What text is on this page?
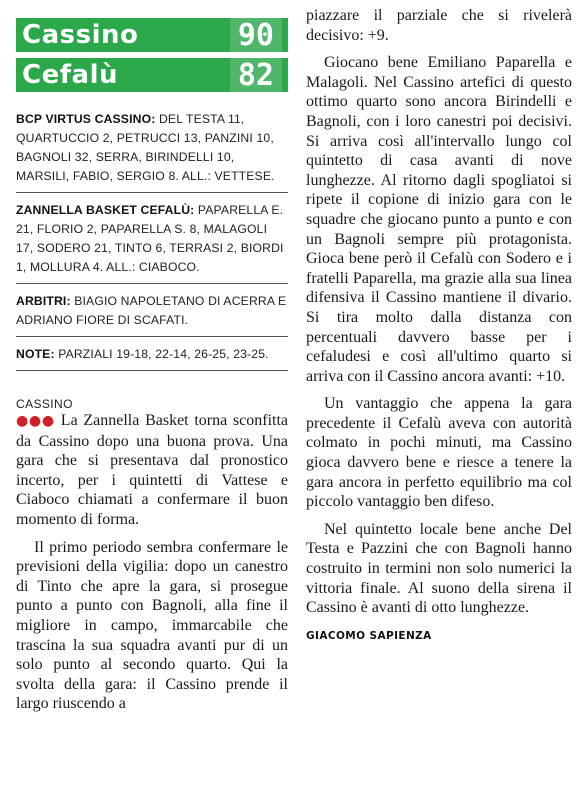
Cassino	90
Cefalù	82
BCP VIRTUS CASSINO: DEL TESTA 11, QUARTUCCIO 2, PETRUCCI 13, PANZINI 10, BAGNOLI 32, SERRA, BIRINDELLI 10, MARSILI, FABIO, SERGIO 8. ALL.: VETTESE.
ZANNELLA BASKET CEFALÙ: PAPARELLA E. 21, FLORIO 2, PAPARELLA S. 8, MALAGOLI 17, SODERO 21, TINTO 6, TERRASI 2, BIORDI 1, MOLLURA 4. ALL.: CIABOCO.
ARBITRI: BIAGIO NAPOLETANO DI ACERRA E ADRIANO FIORE DI SCAFATI.
NOTE: PARZIALI 19-18, 22-14, 26-25, 23-25.
CASSINO

●●● La Zannella Basket torna sconfitta da Cassino dopo una buona prova. Una gara che si presentava dal pronostico incerto, per i quintetti di Vattese e Ciaboco chiamati a confermare il buon momento di forma.

Il primo periodo sembra confermare le previsioni della vigilia: dopo un canestro di Tinto che apre la gara, si prosegue punto a punto con Bagnoli, alla fine il migliore in campo, immarcabile che trascina la sua squadra avanti pur di un solo punto al secondo quarto. Qui la svolta della gara: il Cassino prende il largo riuscendo a

piazzare il parziale che si rivelerà decisivo: +9.

Giocano bene Emiliano Paparella e Malagoli. Nel Cassino artefici di questo ottimo quarto sono ancora Birindelli e Bagnoli, con i loro canestri poi decisivi. Si arriva così all'intervallo lungo col quintetto di casa avanti di nove lunghezze. Al ritorno dagli spogliatoi si ripete il copione di inizio gara con le squadre che giocano punto a punto e con un Bagnoli sempre più protagonista. Gioca bene però il Cefalù con Sodero e i fratelli Paparella, ma grazie alla sua linea difensiva il Cassino mantiene il divario. Si tira molto dalla distanza con percentuali davvero basse per i cefaludesi e così all'ultimo quarto si arriva con il Cassino ancora avanti: +10.

Un vantaggio che appena la gara precedente il Cefalù aveva con autorità colmato in pochi minuti, ma Cassino gioca davvero bene e riesce a tenere la gara ancora in perfetto equilibrio ma col piccolo vantaggio ben difeso.

Nel quintetto locale bene anche Del Testa e Pazzini che con Bagnoli hanno costruito in termini non solo numerici la vittoria finale. Al suono della sirena il Cassino è avanti di otto lunghezze.

GIACOMO SAPIENZA
